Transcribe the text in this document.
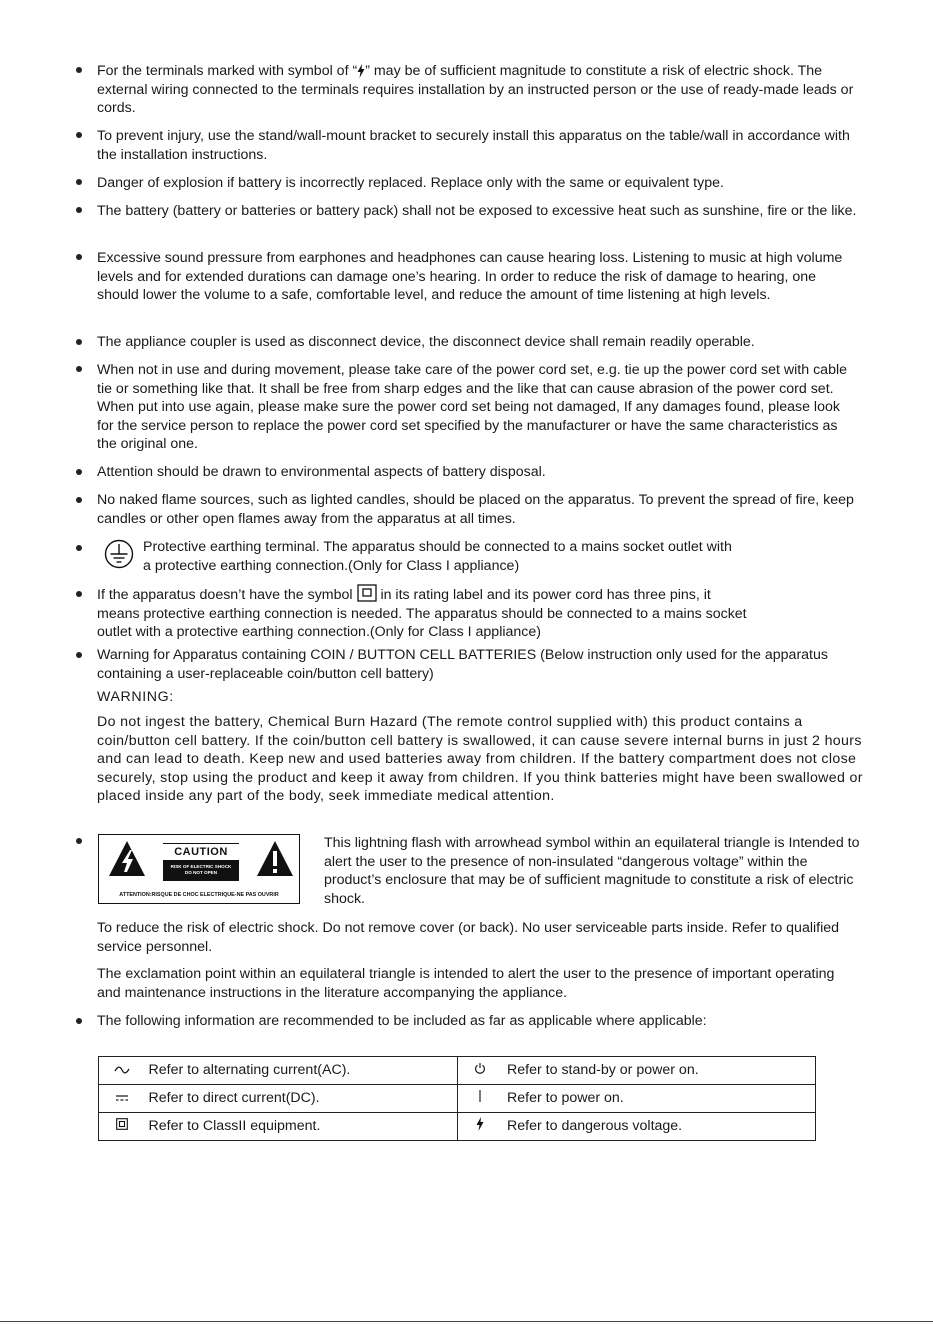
For the terminals marked with symbol of “ ” may be of sufficient magnitude to constitute a risk of electric shock. The external wiring connected to the terminals requires installation by an instructed person or the use of ready-made leads or cords.

To prevent injury, use the stand/wall-mount bracket to securely install this apparatus on the table/wall in accordance with the installation instructions.

Danger of explosion if battery is incorrectly replaced. Replace only with the same or equivalent type.

The battery (battery or batteries or battery pack) shall not be exposed to excessive heat such as sunshine, fire or the like.

Excessive sound pressure from earphones and headphones can cause hearing loss. Listening to music at high volume levels and for extended durations can damage one’s hearing. In order to reduce the risk of damage to hearing, one should lower the volume to a safe, comfortable level, and reduce the amount of time listening at high levels.

The appliance coupler is used as disconnect device, the disconnect device shall remain readily operable.

When not in use and during movement, please take care of the power cord set, e.g. tie up the power cord set with cable tie or something like that. It shall be free from sharp edges and the like that can cause abrasion of the power cord set. When put into use again, please make sure the power cord set being not damaged, If any damages found, please look for the service person to replace the power cord set specified by the manufacturer or have the same characteristics as the original one.

Attention should be drawn to environmental aspects of battery disposal.

No naked flame sources, such as lighted candles, should be placed on the apparatus. To prevent the spread of fire, keep candles or other open flames away from the apparatus at all times.

Protective earthing terminal. The apparatus should be connected to a mains socket outlet with a protective earthing connection.(Only for Class I appliance)

If the apparatus doesn’t have the symbol  in its rating label and its power cord has three pins, it means protective earthing connection is needed. The apparatus should be connected to a mains socket outlet with a protective earthing connection.(Only for Class I appliance)

Warning for Apparatus containing COIN / BUTTON CELL BATTERIES (Below instruction only used for the apparatus containing a user-replaceable coin/button cell battery)

WARNING:

Do not ingest the battery, Chemical Burn Hazard (The remote control supplied with) this product contains a coin/button cell battery. If the coin/button cell battery is swallowed, it can cause severe internal burns in just 2 hours and can lead to death. Keep new and used batteries away from children. If the battery compartment does not close securely, stop using the product and keep it away from children. If you think batteries might have been swallowed or placed inside any part of the body, seek immediate medical attention.

CAUTION
RISK OF ELECTRIC SHOCK
DO NOT OPEN
ATTENTION:RISQUE DE CHOC ELECTRIQUE-NE PAS OUVRIR

This lightning flash with arrowhead symbol within an equilateral triangle is Intended to alert the user to the presence of non-insulated “dangerous voltage” within the product’s enclosure that may be of sufficient magnitude to constitute a risk of electric shock.

To reduce the risk of electric shock. Do not remove cover (or back). No user serviceable parts inside. Refer to qualified service personnel.

The exclamation point within an equilateral triangle is intended to alert the user to the presence of important operating and maintenance instructions in the literature accompanying the appliance.

The following information are recommended to be included as far as applicable where applicable:

	Refer to alternating current(AC).		Refer to stand-by or power on.
	Refer to direct current(DC).		Refer to power on.
	Refer to ClassII equipment.		Refer to dangerous voltage.
